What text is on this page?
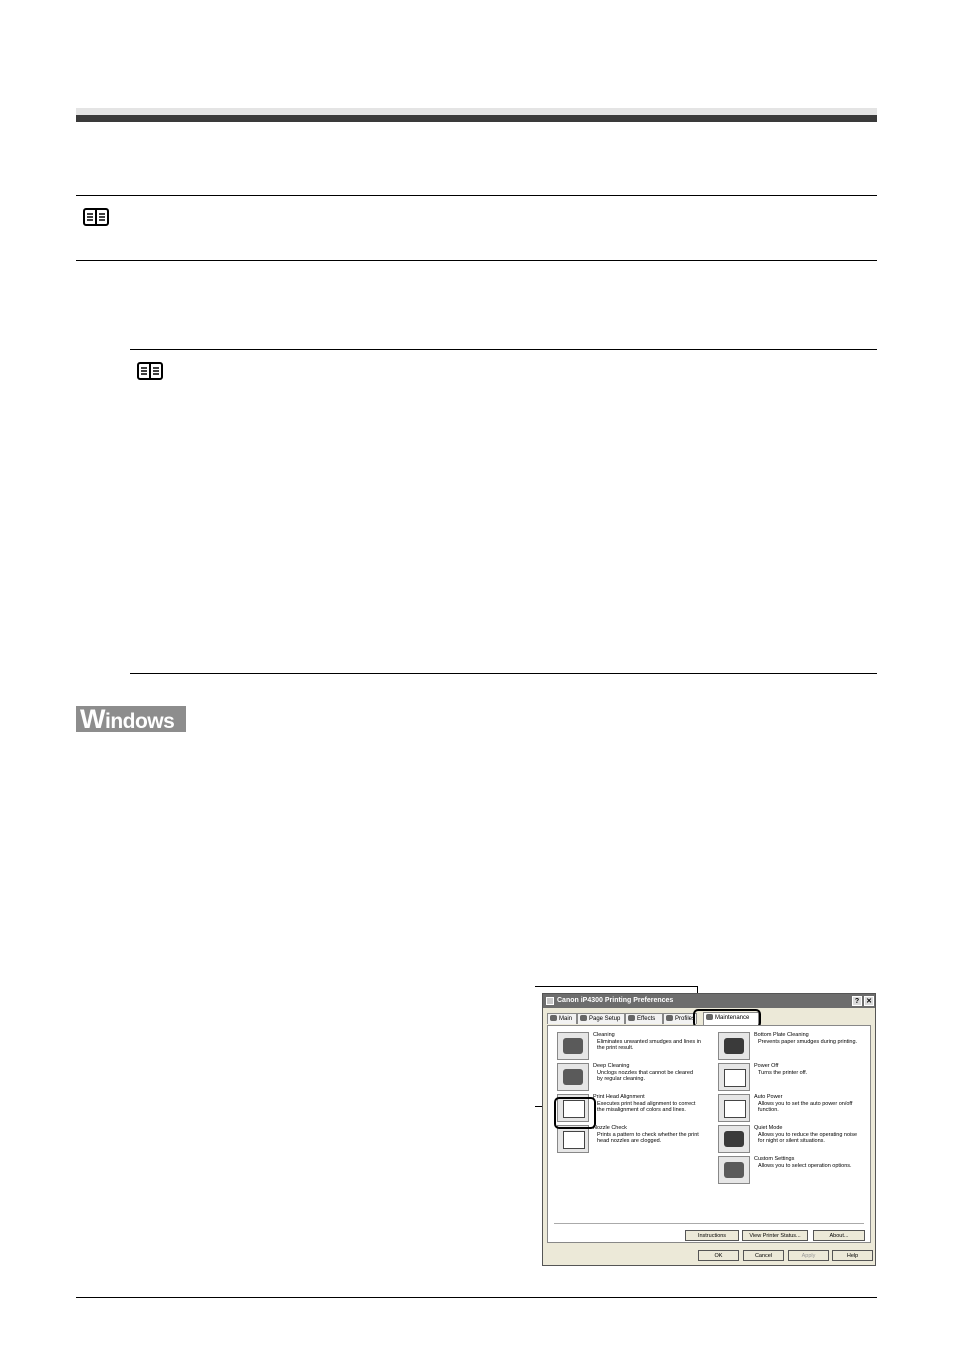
Windows
Canon iP4300 Printing Preferences	? ✕
Main	Page Setup	Effects	Profiles	Maintenance
Cleaning
Eliminates unwanted smudges and lines in
the print result.
Deep Cleaning
Unclogs nozzles that cannot be cleared
by regular cleaning.
Print Head Alignment
Executes print head alignment to correct
the misalignment of colors and lines.
Nozzle Check
Prints a pattern to check whether the print
head nozzles are clogged.
Bottom Plate Cleaning
Prevents paper smudges during printing.
Power Off
Turns the printer off.
Auto Power
Allows you to set the auto power on/off
function.
Quiet Mode
Allows you to reduce the operating noise
for night or silent situations.
Custom Settings
Allows you to select operation options.
Instructions	View Printer Status...	About...
OK	Cancel	Apply	Help
